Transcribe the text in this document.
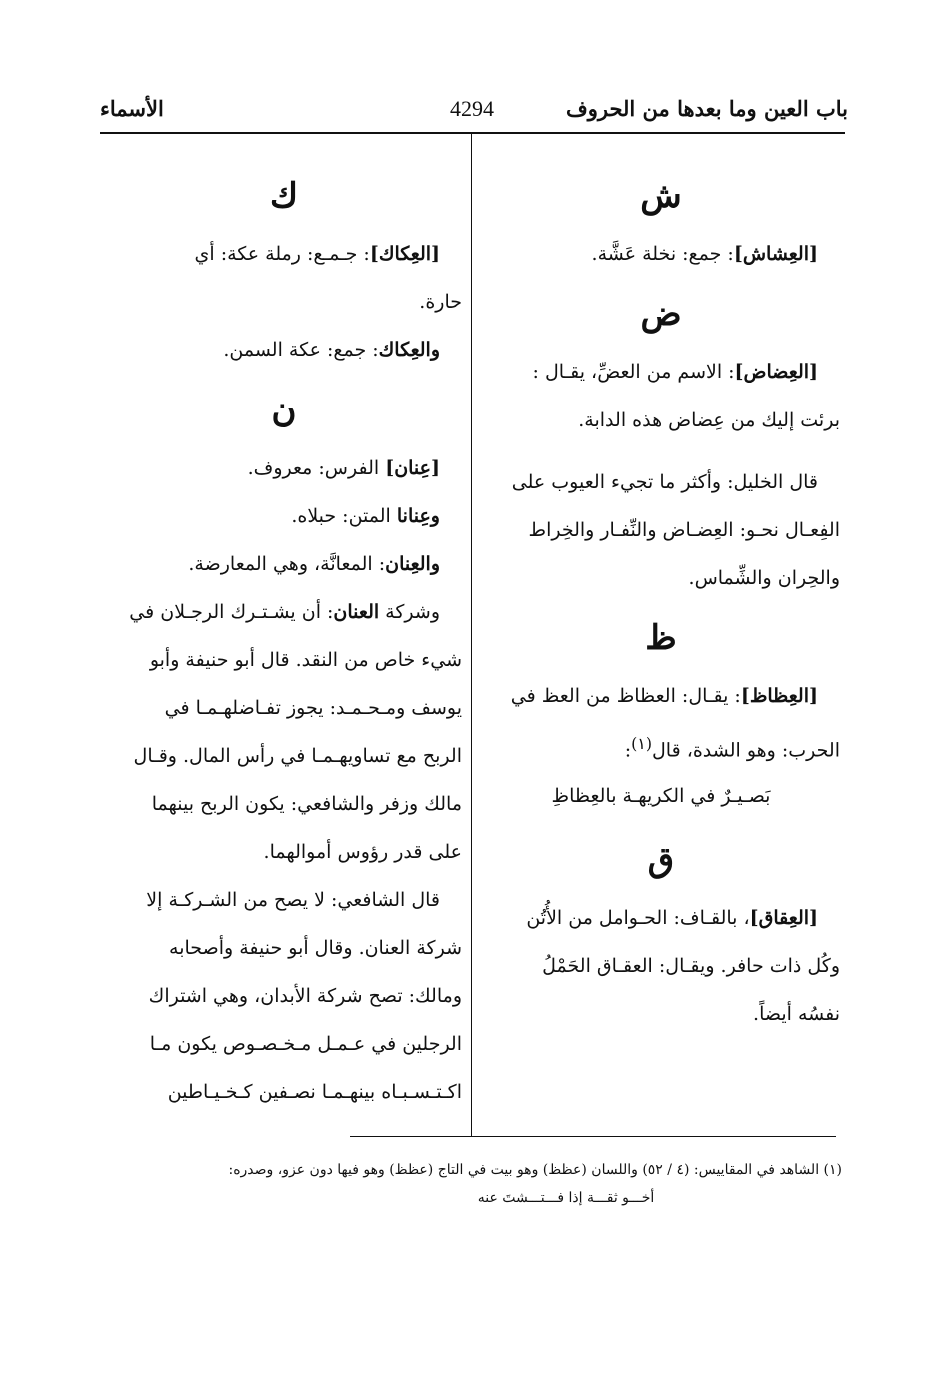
باب العين وما بعدها من الحروف
4294
الأسماء
ش
[العِشاش]: جمع: نخلة عَشَّة.
ض
[العِضاض]: الاسم من العضِّ، يقـال :
برئت إليك من عِضاض هذه الدابة.
قال الخليل: وأكثر ما تجيء العيوب على
الفِعـال نحـو: العِضـاض والنِّفـار والخِراط
والحِران والشِّماس.
ظ
[العِظاظ]: يقـال: العظاظ من العظ في
الحرب: وهو الشدة، قال$^{(١)}$:
بَصـيـرٌ في الكريهـة بالعِظاظِ
ق
[العِقاق]، بالقـاف: الحـوامل من الأُتُن
وكُل ذات حافر. ويقـال: العقـاق الحَمْلُ
نفسُه أيضاً.
ك
[العِكاك]: جـمـع: رملة عكة: أي
حارة.
والعِكاك: جمع: عكة السمن.
ن
[عِنان] الفرس: معروف.
وعِنانا المتن: حبلاه.
والعِنان: المعانَّة، وهي المعارضة.
وشركة العنان: أن يشـتـرك الرجـلان في
شيء خاص من النقد. قال أبو حنيفة وأبو
يوسف ومـحـمـد: يجوز تفـاضلهـمـا في
الربح مع تساويهـمـا في رأس المال. وقـال
مالك وزفر والشافعي: يكون الربح بينهما
على قدر رؤوس أموالهما.
قال الشافعي: لا يصح من الشـركـة إلا
شركة العنان. وقال أبو حنيفة وأصحابه
ومالك: تصح شركة الأبدان، وهي اشتراك
الرجلين في عـمـل مـخـصـوص يكون مـا
اكـتـسـبـاه بينهـمـا نصـفين كـخـيـاطين
(١) الشاهد في المقاييس: (٤ / ٥٢) واللسان (عظظ) وهو بيت في التاج (عظظ) وهو فيها دون عزو، وصدره:
أخـــو ثقـــة إذا فـــتـــشتَ عنه
